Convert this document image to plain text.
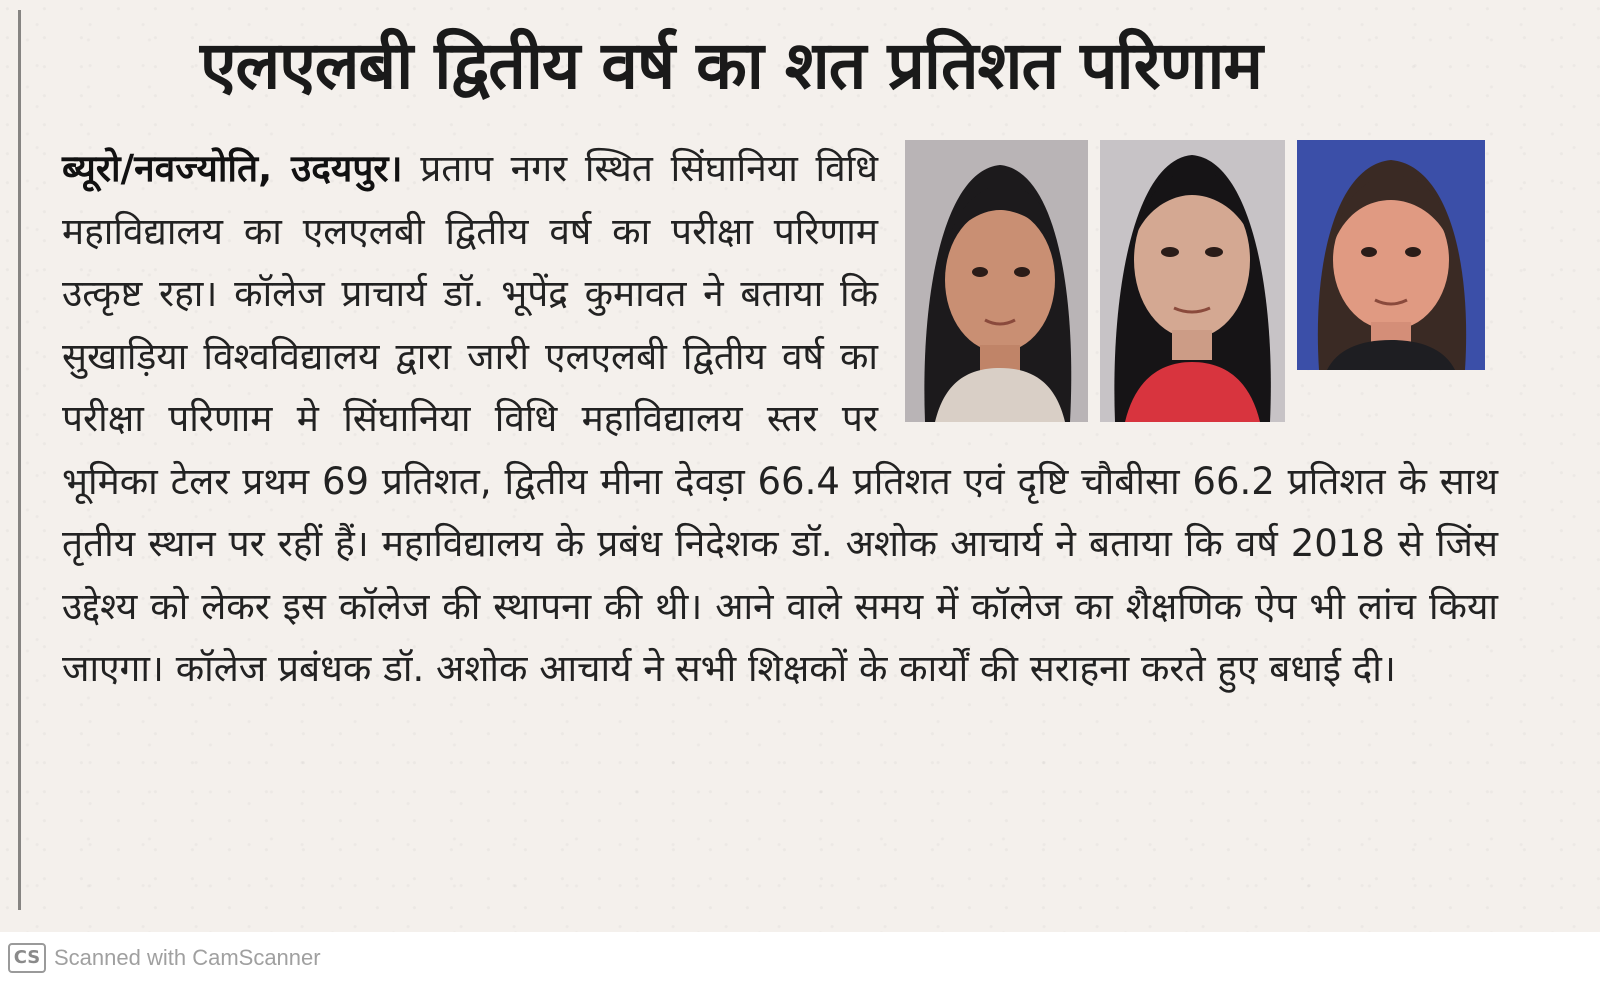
एलएलबी द्वितीय वर्ष का शत प्रतिशत परिणाम
ब्यूरो/नवज्योति, उदयपुर। प्रताप नगर स्थित सिंघानिया विधि महाविद्यालय का एलएलबी द्वितीय वर्ष का परीक्षा परिणाम उत्कृष्ट रहा। कॉलेज प्राचार्य डॉ. भूपेंद्र कुमावत ने बताया कि सुखाड़िया विश्वविद्यालय द्वारा जारी एलएलबी द्वितीय वर्ष का परीक्षा परिणाम मे सिंघानिया विधि महाविद्यालय स्तर पर भूमिका टेलर प्रथम 69 प्रतिशत, द्वितीय मीना देवड़ा 66.4 प्रतिशत एवं दृष्टि चौबीसा 66.2 प्रतिशत के साथ तृतीय स्थान पर रहीं हैं। महाविद्यालय के प्रबंध निदेशक डॉ. अशोक आचार्य ने बताया कि वर्ष 2018 से जिंस उद्देश्य को लेकर इस कॉलेज की स्थापना की थी। आने वाले समय में कॉलेज का शैक्षणिक ऐप भी लांच किया जाएगा। कॉलेज प्रबंधक डॉ. अशोक आचार्य ने सभी शिक्षकों के कार्यों की सराहना करते हुए बधाई दी।
CS Scanned with CamScanner
